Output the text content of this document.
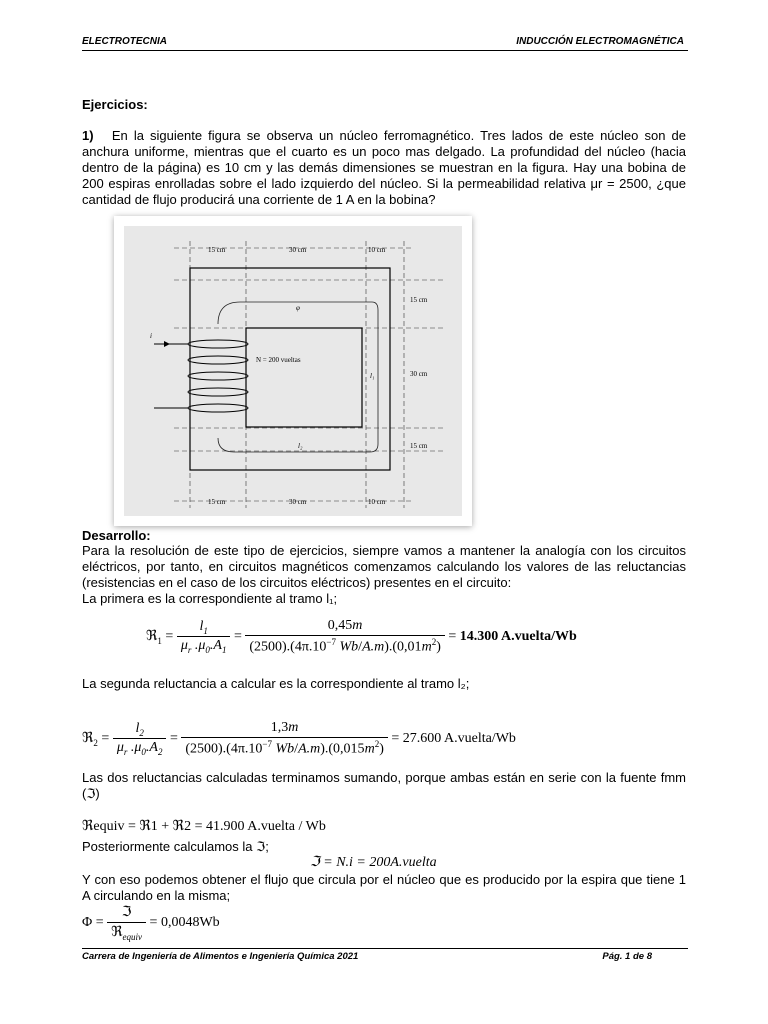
ELECTROTECNIA	INDUCCIÓN ELECTROMAGNÉTICA
Ejercicios:
1) En la siguiente figura se observa un núcleo ferromagnético. Tres lados de este núcleo son de anchura uniforme, mientras que el cuarto es un poco mas delgado. La profundidad del núcleo (hacia dentro de la página) es 10 cm y las demás dimensiones se muestran en la figura. Hay una bobina de 200 espiras enrolladas sobre el lado izquierdo del núcleo. Si la permeabilidad relativa μr = 2500, ¿que cantidad de flujo producirá una corriente de 1 A en la bobina?
15 cm	30 cm	10 cm
15 cm	30 cm	10 cm
15 cm
30 cm
15 cm
N = 200 vueltas
φ
i
l₁
l₂
Desarrollo:
Para la resolución de este tipo de ejercicios, siempre vamos a mantener la analogía con los circuitos eléctricos, por tanto, en circuitos magnéticos comenzamos calculando los valores de las reluctancias (resistencias en el caso de los circuitos eléctricos) presentes en el circuito:
La primera es la correspondiente al tramo l₁;
ℜ$_1$ = $\frac{l_1}{\mu_r .\mu_0.A_1} = \frac{0,45m}{(2500).(4\pi.10^{-7} Wb/A.m).(0,01m^2)} = 14.300$ A.vuelta/Wb
La segunda reluctancia a calcular es la correspondiente al tramo l₂;
ℜ$_2$ = $\frac{l_2}{\mu_r .\mu_0.A_2} = \frac{1,3m}{(2500).(4\pi.10^{-7} Wb/A.m).(0,015m^2)} = 27.600$ A.vuelta/Wb
Las dos reluctancias calculadas terminamos sumando, porque ambas están en serie con la fuente fmm (ℑ)
ℜequiv = ℜ1 + ℜ2 = 41.900 A.vuelta / Wb
Posteriormente calculamos la ℑ;
ℑ = N.i = 200A.vuelta
Y con eso podemos obtener el flujo que circula por el núcleo que es producido por la espira que tiene 1 A circulando en la misma;
$\Phi = \frac{\text{ℑ}}{ℜ_{equiv}} = 0,0048Wb$
Carrera de Ingeniería de Alimentos e Ingeniería Química 2021	Pág. 1 de 8
